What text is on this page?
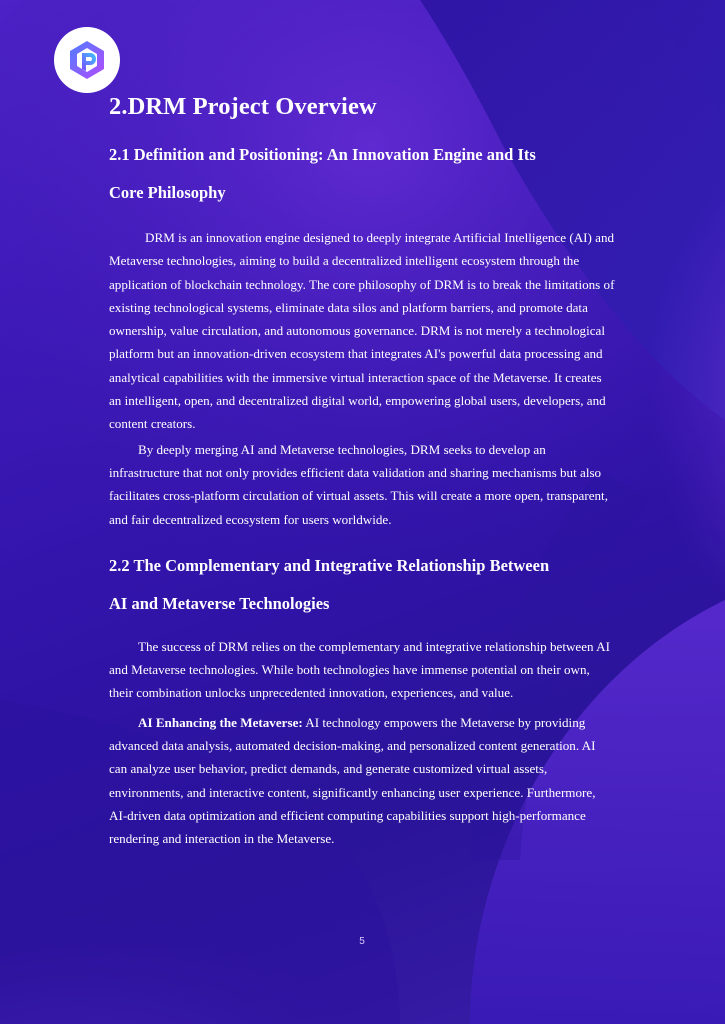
2.DRM Project Overview
2.1 Definition and Positioning: An Innovation Engine and Its
Core Philosophy

DRM is an innovation engine designed to deeply integrate Artificial Intelligence (AI) and Metaverse technologies, aiming to build a decentralized intelligent ecosystem through the application of blockchain technology. The core philosophy of DRM is to break the limitations of existing technological systems, eliminate data silos and platform barriers, and promote data ownership, value circulation, and autonomous governance. DRM is not merely a technological platform but an innovation-driven ecosystem that integrates AI's powerful data processing and analytical capabilities with the immersive virtual interaction space of the Metaverse. It creates an intelligent, open, and decentralized digital world, empowering global users, developers, and content creators.

By deeply merging AI and Metaverse technologies, DRM seeks to develop an infrastructure that not only provides efficient data validation and sharing mechanisms but also facilitates cross-platform circulation of virtual assets. This will create a more open, transparent, and fair decentralized ecosystem for users worldwide.

2.2 The Complementary and Integrative Relationship Between
AI and Metaverse Technologies

The success of DRM relies on the complementary and integrative relationship between AI and Metaverse technologies. While both technologies have immense potential on their own, their combination unlocks unprecedented innovation, experiences, and value.

AI Enhancing the Metaverse: AI technology empowers the Metaverse by providing advanced data analysis, automated decision-making, and personalized content generation. AI can analyze user behavior, predict demands, and generate customized virtual assets, environments, and interactive content, significantly enhancing user experience. Furthermore, AI-driven data optimization and efficient computing capabilities support high-performance rendering and interaction in the Metaverse.

5
